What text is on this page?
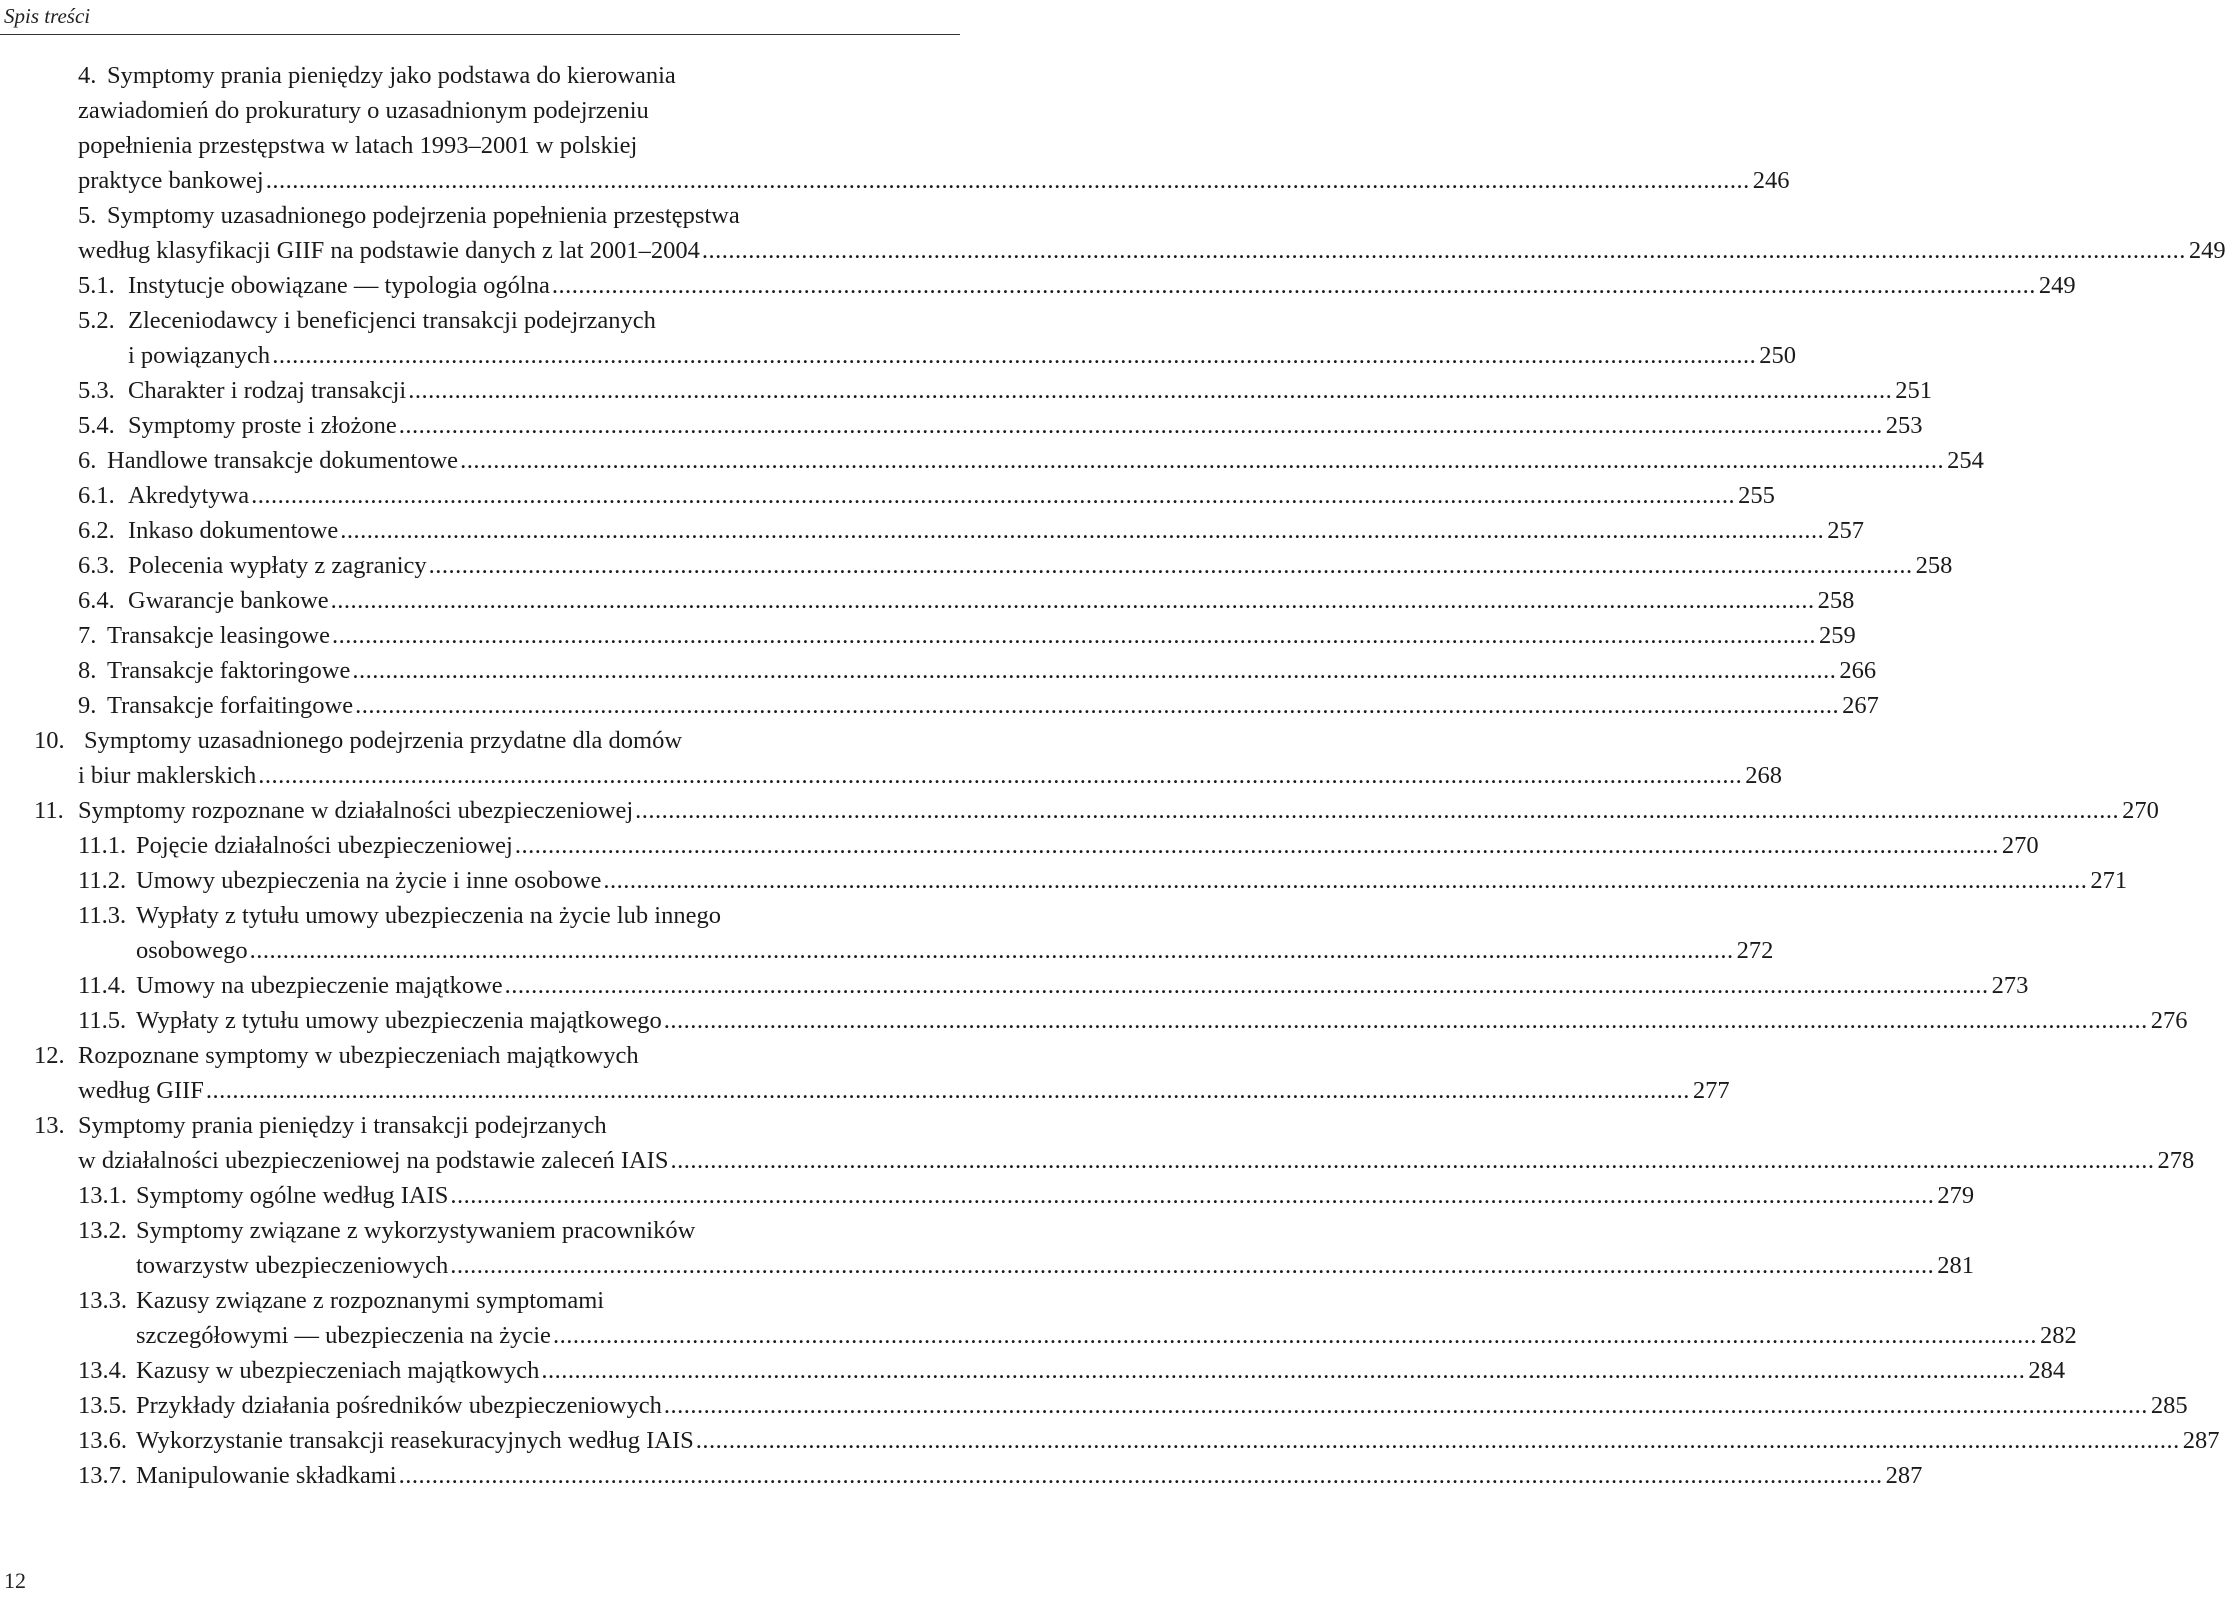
Spis treści
4. Symptomy prania pieniędzy jako podstawa do kierowania
zawiadomień do prokuratury o uzasadnionym podejrzeniu
popełnienia przestępstwa w latach 1993–2001 w polskiej
praktyce bankowej .....	246
5. Symptomy uzasadnionego podejrzenia popełnienia przestępstwa
według klasyfikacji GIIF na podstawie danych z lat 2001–2004 .....	249
5.1. Instytucje obowiązane — typologia ogólna .....	249
5.2. Zleceniodawcy i beneficjenci transakcji podejrzanych
i powiązanych .....	250
5.3. Charakter i rodzaj transakcji .....	251
5.4. Symptomy proste i złożone .....	253
6. Handlowe transakcje dokumentowe .....	254
6.1. Akredytywa .....	255
6.2. Inkaso dokumentowe .....	257
6.3. Polecenia wypłaty z zagranicy .....	258
6.4. Gwarancje bankowe .....	258
7. Transakcje leasingowe .....	259
8. Transakcje faktoringowe .....	266
9. Transakcje forfaitingowe .....	267
10. Symptomy uzasadnionego podejrzenia przydatne dla domów
i biur maklerskich .....	268
11. Symptomy rozpoznane w działalności ubezpieczeniowej .....	270
11.1. Pojęcie działalności ubezpieczeniowej .....	270
11.2. Umowy ubezpieczenia na życie i inne osobowe .....	271
11.3. Wypłaty z tytułu umowy ubezpieczenia na życie lub innego
osobowego .....	272
11.4. Umowy na ubezpieczenie majątkowe .....	273
11.5. Wypłaty z tytułu umowy ubezpieczenia majątkowego .....	276
12. Rozpoznane symptomy w ubezpieczeniach majątkowych
według GIIF .....	277
13. Symptomy prania pieniędzy i transakcji podejrzanych
w działalności ubezpieczeniowej na podstawie zaleceń IAIS .....	278
13.1. Symptomy ogólne według IAIS .....	279
13.2. Symptomy związane z wykorzystywaniem pracowników
towarzystw ubezpieczeniowych .....	281
13.3. Kazusy związane z rozpoznanymi symptomami
szczegółowymi — ubezpieczenia na życie .....	282
13.4. Kazusy w ubezpieczeniach majątkowych .....	284
13.5. Przykłady działania pośredników ubezpieczeniowych .....	285
13.6. Wykorzystanie transakcji reasekuracyjnych według IAIS .....	287
13.7. Manipulowanie składkami .....	287
12
